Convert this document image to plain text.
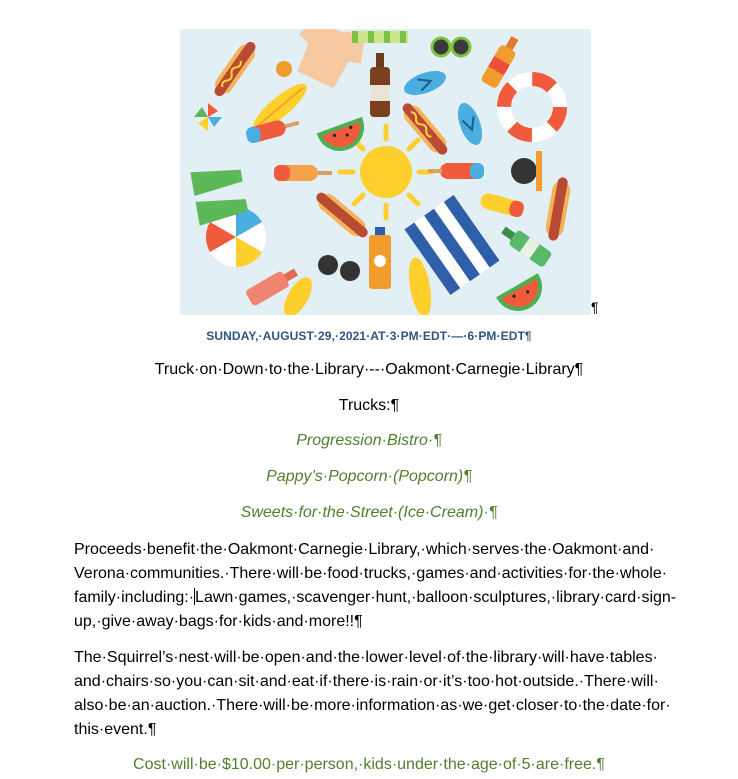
¶
SUNDAY,·AUGUST·29,·2021·AT·3·PM·EDT·—·6·PM·EDT¶
Truck·on·Down·to·the·Library·--·Oakmont·Carnegie·Library¶
Trucks:¶
Progression·Bistro·¶
Pappy’s·Popcorn·(Popcorn)¶
Sweets·for·the·Street·(Ice·Cream)·¶

Proceeds·benefit·the·Oakmont·Carnegie·Library,·which·serves·the·Oakmont·and· Verona·communities.·There·will·be·food·trucks,·games·and·activities·for·the·whole· family·including:·Lawn·games,·scavenger·hunt,·balloon·sculptures,·library·card·sign-up,·give·away·bags·for·kids·and·more!!¶

The·Squirrel’s·nest·will·be·open·and·the·lower·level·of·the·library·will·have·tables· and·chairs·so·you·can·sit·and·eat·if·there·is·rain·or·it’s·too·hot·outside.·There·will· also·be·an·auction.·There·will·be·more·information·as·we·get·closer·to·the·date·for· this·event.¶

Cost·will·be·$10.00·per·person,·kids·under·the·age·of·5·are·free.¶
